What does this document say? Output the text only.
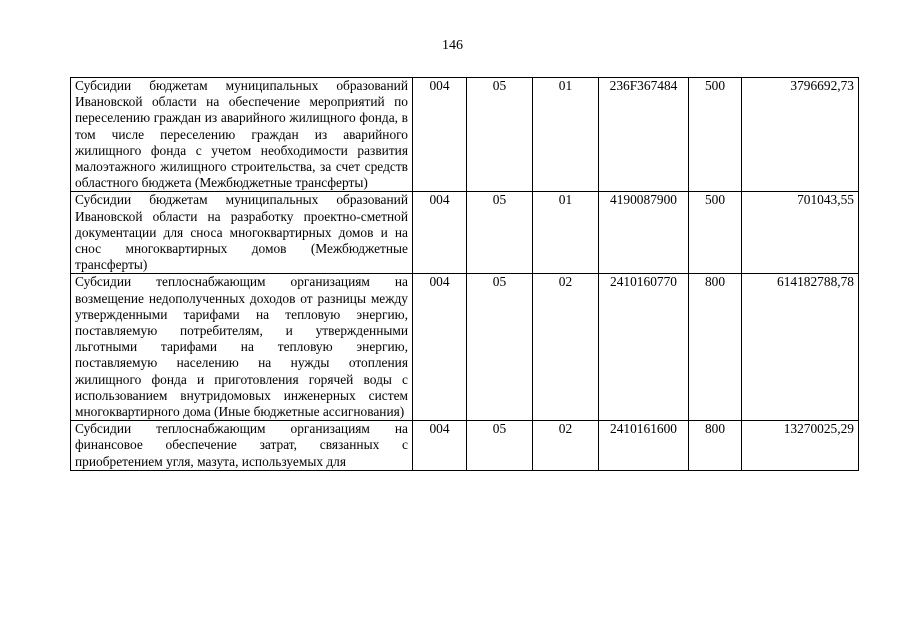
146
Субсидии бюджетам муниципальных образований Ивановской области на обеспечение мероприятий по переселению граждан из аварийного жилищного фонда, в том числе переселению граждан из аварийного жилищного фонда с учетом необходимости развития малоэтажного жилищного строительства, за счет средств областного бюджета (Межбюджетные трансферты)	004	05	01	236F367484	500	3796692,73
Субсидии бюджетам муниципальных образований Ивановской области на разработку проектно-сметной документации для сноса многоквартирных домов и на снос многоквартирных домов (Межбюджетные трансферты)	004	05	01	4190087900	500	701043,55
Субсидии теплоснабжающим организациям на возмещение недополученных доходов от разницы между утвержденными тарифами на тепловую энергию, поставляемую потребителям, и утвержденными льготными тарифами на тепловую энергию, поставляемую населению на нужды отопления жилищного фонда и приготовления горячей воды с использованием внутридомовых инженерных систем многоквартирного дома (Иные бюджетные ассигнования)	004	05	02	2410160770	800	614182788,78
Субсидии теплоснабжающим организациям на финансовое обеспечение затрат, связанных с приобретением угля, мазута, используемых для	004	05	02	2410161600	800	13270025,29
